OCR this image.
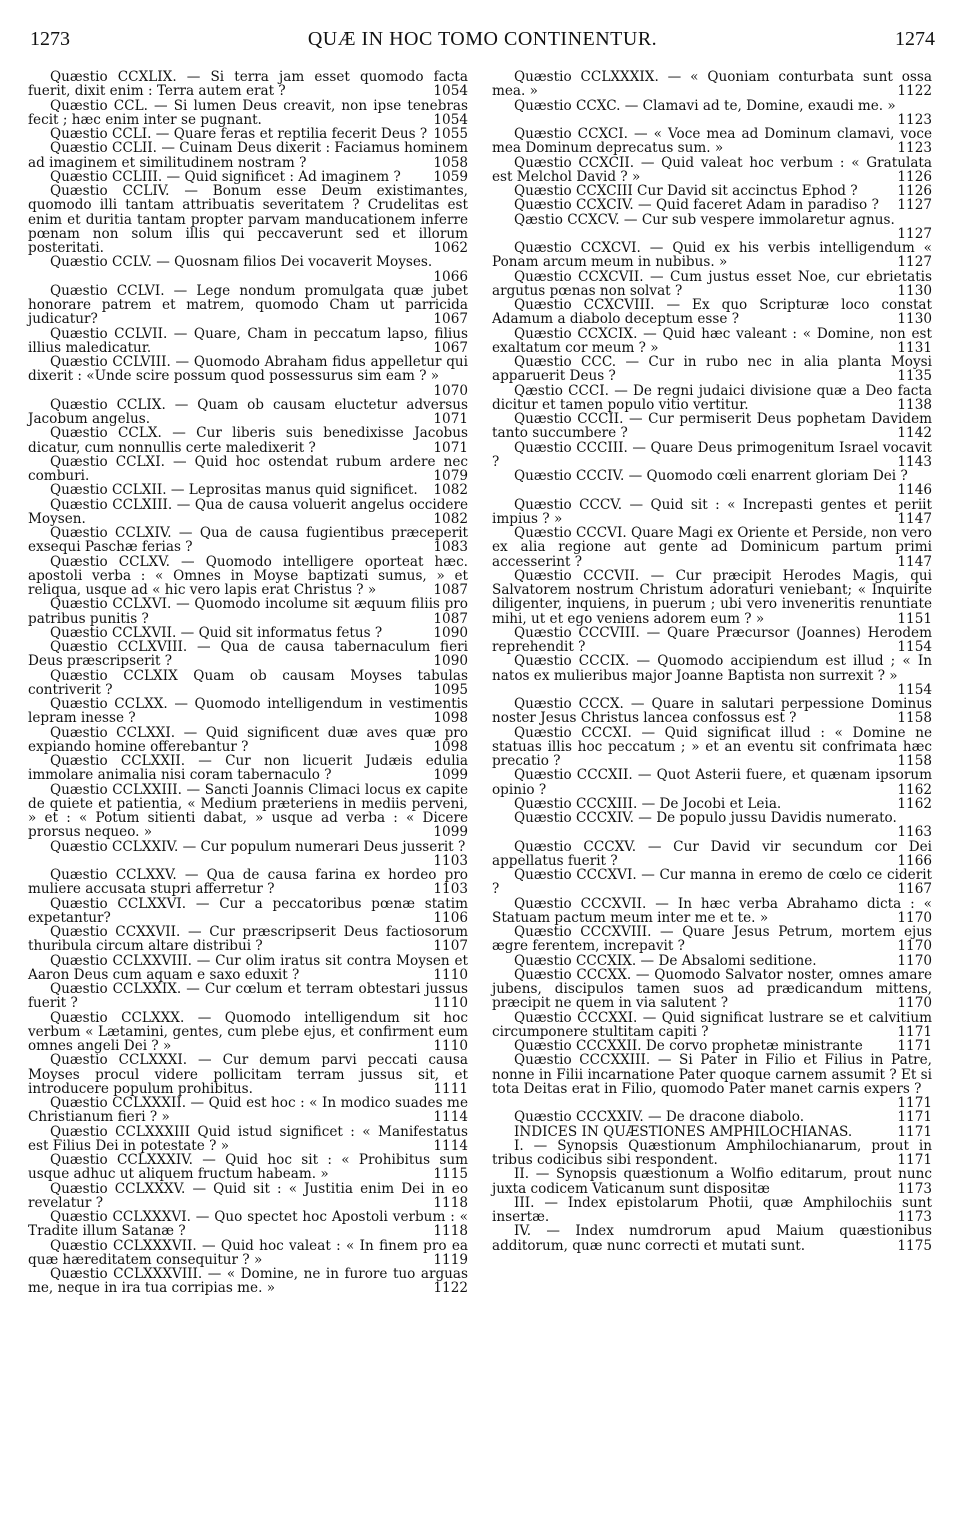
1273	QUÆ IN HOC TOMO CONTINENTUR.	1274

Quæstio CCXLIX. — Si terra jam esset quomodo facta fuerit, dixit enim : Terra autem erat ?	1054

Quæstio CCL. — Si lumen Deus creavit, non ipse tenebras fecit ; hæc enim inter se pugnant.	1054

Quæstio CCLI. — Quare feras et reptilia fecerit Deus ? 1055

Quæstio CCLII. — Cuinam Deus dixerit : Faciamus hominem ad imaginem et similitudinem nostram ?	1058

Quæstio CCLIII. — Quid significet : Ad imaginem ?	1059

Quæstio CCLIV. — Bonum esse Deum existimantes, quomodo illi tantam attribuatis severitatem ? Crudelitas est enim et duritia tantam propter parvam manducationem inferre pœnam non solum illis qui peccaverunt sed et illorum posteritati.	1062

Quæstio CCLV. — Quosnam filios Dei vocaverit Moyses.
1066

Quæstio CCLVI. — Lege nondum promulgata quæ jubet honorare patrem et matrem, quomodo Cham ut parricida judicatur?	1067

Quæstio CCLVII. — Quare, Cham in peccatum lapso, filius illius maledicatur.	1067

Quæstio CCLVIII. — Quomodo Abraham fidus appelletur qui dixerit : «Unde scire possum quod possessurus sim eam ? »
1070

Quæstio CCLIX. — Quam ob causam eluctetur adversus Jacobum angelus.	1071

Quæstio CCLX. — Cur liberis suis benedixisse Jacobus dicatur, cum nonnullis certe maledixerit ?	1071

Quæstio CCLXI. — Quid hoc ostendat rubum ardere nec comburi.	1079

Quæstio CCLXII. — Leprositas manus quid significet.	1082

Quæstio CCLXIII. — Qua de causa voluerit angelus occidere Moysen.	1082

Quæstio CCLXIV. — Qua de causa fugientibus præceperit exsequi Paschæ ferias ?	1083

Quæstio CCLXV. — Quomodo intelligere oporteat hæc. apostoli verba : « Omnes in Moyse baptizati sumus, » et reliqua, usque ad « hic vero lapis erat Christus ? »	1087

Quæstio CCLXVI. — Quomodo incolume sit æquum filiis pro patribus punitis ?	1087

Quæstio CCLXVII. — Quid sit informatus fetus ?	1090

Quæstio CCLXVIII. — Qua de causa tabernaculum fieri Deus præscripserit ?	1090

Quæstio CCLXIX Quam ob causam Moyses tabulas contriverit ?	1095

Quæstio CCLXX. — Quomodo intelligendum in vestimentis lepram inesse ?	1098

Quæstio CCLXXI. — Quid significent duæ aves quæ pro expiando homine offerebantur ?	1098

Quæstio CCLXXII. — Cur non licuerit Judæis edulia immolare animalia nisi coram tabernaculo ?	1099

Quæstio CCLXXIII. — Sancti Joannis Climaci locus ex capite de quiete et patientia, « Medium præteriens in mediis perveni, » et : « Potum sitienti dabat, » usque ad verba : « Dicere prorsus nequeo. »	1099

Quæstio CCLXXIV. — Cur populum numerari Deus jusserit ?
1103

Quæstio CCLXXV. — Qua de causa farina ex hordeo pro muliere accusata stupri afferretur ?	1103

Quæstio CCLXXVI. — Cur a peccatoribus pœnæ statim expetantur?	1106

Quæstio CCXXVII. — Cur præscripserit Deus factiosorum thuribula circum altare distribui ?	1107

Quæstio CCLXXVIII. — Cur olim iratus sit contra Moysen et Aaron Deus cum aquam e saxo eduxit ?	1110

Quæstio CCLXXIX. — Cur cœlum et terram obtestari jussus fuerit ?	1110

Quæstio CCLXXX. — Quomodo intelligendum sit hoc verbum « Lætamini, gentes, cum plebe ejus, et confirment eum omnes angeli Dei ? »	1110

Quæstio CCLXXXI. — Cur demum parvi peccati causa Moyses procul videre pollicitam terram jussus sit, et introducere populum prohibitus.	1111

Quæstio CCLXXXII. — Quid est hoc : « In modico suades me Christianum fieri ? »	1114

Quæstio CCLXXXIII Quid istud significet : « Manifestatus est Filius Dei in potestate ? »	1114

Quæstio CCLXXXIV. — Quid hoc sit : « Prohibitus sum usque adhuc ut aliquem fructum habeam. »	1115

Quæstio CCLXXXV. — Quid sit : « Justitia enim Dei in eo revelatur ?	1118

Quæstio CCLXXXVI. — Quo spectet hoc Apostoli verbum : « Tradite illum Satanæ ?	1118

Quæstio CCLXXXVII. — Quid hoc valeat : « In finem pro ea quæ hæreditatem consequitur ? »	1119

Quæstio CCLXXXVIII. — « Domine, ne in furore tuo arguas me, neque in ira tua corripias me. »	1122

Quæstio CCLXXXIX. — « Quoniam conturbata sunt ossa mea. »	1122

Quæstio CCXC. — Clamavi ad te, Domine, exaudi me. »
1123

Quæstio CCXCI. — « Voce mea ad Dominum clamavi, voce mea Dominum deprecatus sum. »	1123

Quæstio CCXCII. — Quid valeat hoc verbum : « Gratulata est Melchol David ? »	1126

Quæstio CCXCIII Cur David sit accinctus Ephod ?	1126

Quæstio CCXCIV. — Quid faceret Adam in paradiso ?	1127

Qæstio CCXCV. — Cur sub vespere immolaretur agnus.
1127

Quæstio CCXCVI. — Quid ex his verbis intelligendum « Ponam arcum meum in nubibus. »	1127

Quæstio CCXCVII. — Cum justus esset Noe, cur ebrietatis argutus pœnas non solvat ?	1130

Quæstio CCXCVIII. — Ex quo Scripturæ loco constat Adamum a diabolo deceptum esse ?	1130

Quæstio CCXCIX. — Quid hæc valeant : « Domine, non est exaltatum cor meum ? »	1131

Quæstio CCC. — Cur in rubo nec in alia planta Moysi apparuerit Deus ?	1135

Qæstio CCCI. — De regni judaici divisione quæ a Deo facta dicitur et tamen populo vitio vertitur.	1138

Quæstio CCCII. — Cur permiserit Deus pophetam Davidem tanto succumbere ?	1142

Quæstio CCCIII. — Quare Deus primogenitum Israel vocavit ?	1143

Quæstio CCCIV. — Quomodo cœli enarrent gloriam Dei ?
1146

Quæstio CCCV. — Quid sit : « Increpasti gentes et periit impius ? »	1147

Quæstio CCCVI. Quare Magi ex Oriente et Perside, non vero ex alia regione aut gente ad Dominicum partum primi accesserint ?	1147

Quæstio CCCVII. — Cur præcipit Herodes Magis, qui Salvatorem nostrum Christum adoraturi veniebant; « Inquirite diligenter, inquiens, in puerum ; ubi vero inveneritis renuntiate mihi, ut et ego veniens adorem eum ? »	1151

Quæstio CCCVIII. — Quare Præcursor (Joannes) Herodem reprehendit ?	1154

Quæstio CCCIX. — Quomodo accipiendum est illud ; « In natos ex mulieribus major Joanne Baptista non surrexit ? »
1154

Quæstio CCCX. — Quare in salutari perpessione Dominus noster Jesus Christus lancea confossus est ?	1158

Quæstio CCCXI. — Quid significat illud : « Domine ne statuas illis hoc peccatum ; » et an eventu sit confrimata hæc precatio ?	1158

Quæstio CCCXII. — Quot Asterii fuere, et quænam ipsorum opinio ?	1162

Quæstio CCCXIII. — De Jocobi et Leia.	1162

Quæstio CCCXIV. — De populo jussu Davidis numerato.
1163

Quæstio CCCXV. — Cur David vir secundum cor Dei appellatus fuerit ?	1166

Quæstio CCCXVI. — Cur manna in eremo de cœlo ce ciderit ?	1167

Quæstio CCCXVII. — In hæc verba Abrahamo dicta : « Statuam pactum meum inter me et te. »	1170

Quæstio CCCXVIII. — Quare Jesus Petrum, mortem ejus ægre ferentem, increpavit ?	1170

Quæstio CCCXIX. — De Absalomi seditione.	1170

Quæstio CCCXX. — Quomodo Salvator noster, omnes amare jubens, discipulos tamen suos ad prædicandum mittens, præcipit ne quem in via salutent ?	1170

Quæstio CCCXXI. — Quid significat lustrare se et calvitium circumponere stultitam capiti ?	1171

Quæstio CCCXXII. De corvo prophetæ ministrante	1171

Quæstio CCCXXIII. — Si Pater in Filio et Filius in Patre, nonne in Filii incarnatione Pater quoque carnem assumit ? Et si tota Deitas erat in Filio, quomodo Pater manet carnis expers ?
1171

Quæstio CCCXXIV. — De dracone diabolo.	1171

INDICES IN QUÆSTIONES AMPHILOCHIANAS.	1171

I. — Synopsis Quæstionum Amphilochianarum, prout in tribus codicibus sibi respondent.	1171

II. — Synopsis quæstionum a Wolfio editarum, prout nunc juxta codicem Vaticanum sunt dispositæ	1173

III. — Index epistolarum Photii, quæ Amphilochiis sunt insertæ.	1173

IV. — Index numdrorum apud Maium quæstionibus additorum, quæ nunc correcti et mutati sunt.	1175
